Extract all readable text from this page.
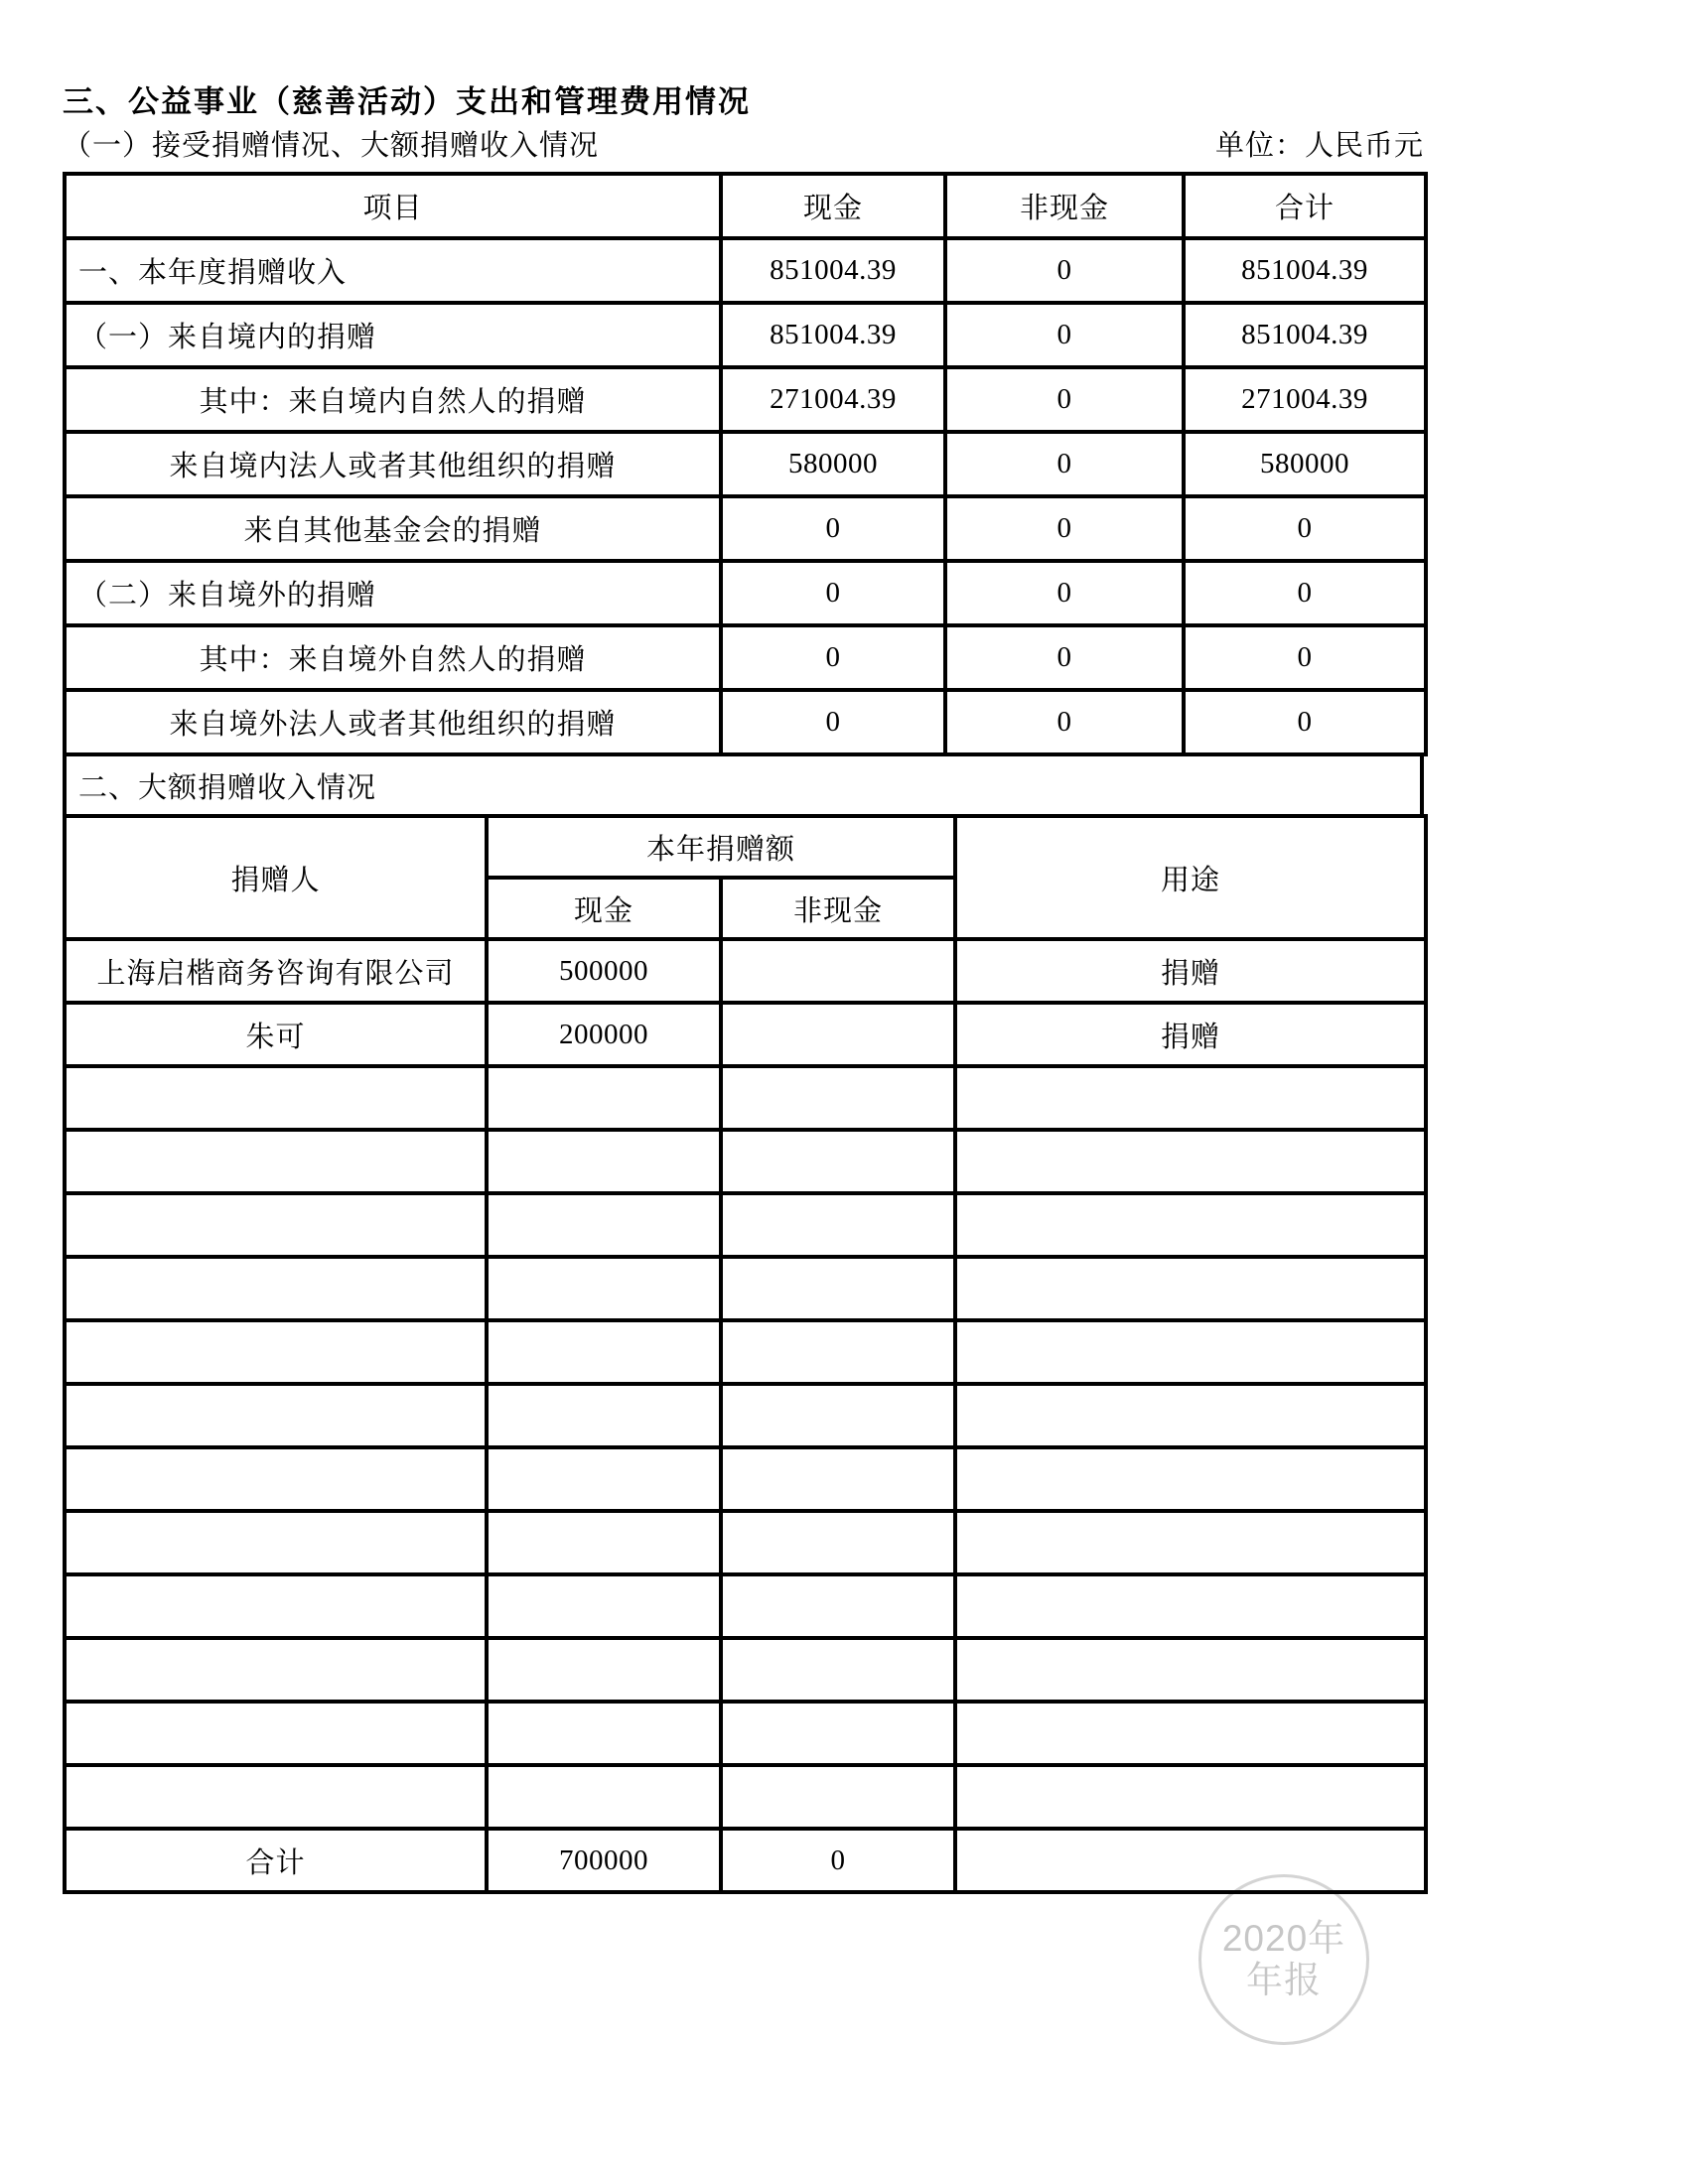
2020年
年报
三、公益事业（慈善活动）支出和管理费用情况
（一）接受捐赠情况、大额捐赠收入情况	单位：人民币元
项目	现金	非现金	合计
一、本年度捐赠收入	851004.39	0	851004.39
（一）来自境内的捐赠	851004.39	0	851004.39
其中：来自境内自然人的捐赠	271004.39	0	271004.39
来自境内法人或者其他组织的捐赠	580000	0	580000
来自其他基金会的捐赠	0	0	0
（二）来自境外的捐赠	0	0	0
其中：来自境外自然人的捐赠	0	0	0
来自境外法人或者其他组织的捐赠	0	0	0
二、大额捐赠收入情况
捐赠人	本年捐赠额		用途
	现金	非现金	
上海启楷商务咨询有限公司	500000		捐赠
朱可	200000		捐赠

合计	700000	0	
